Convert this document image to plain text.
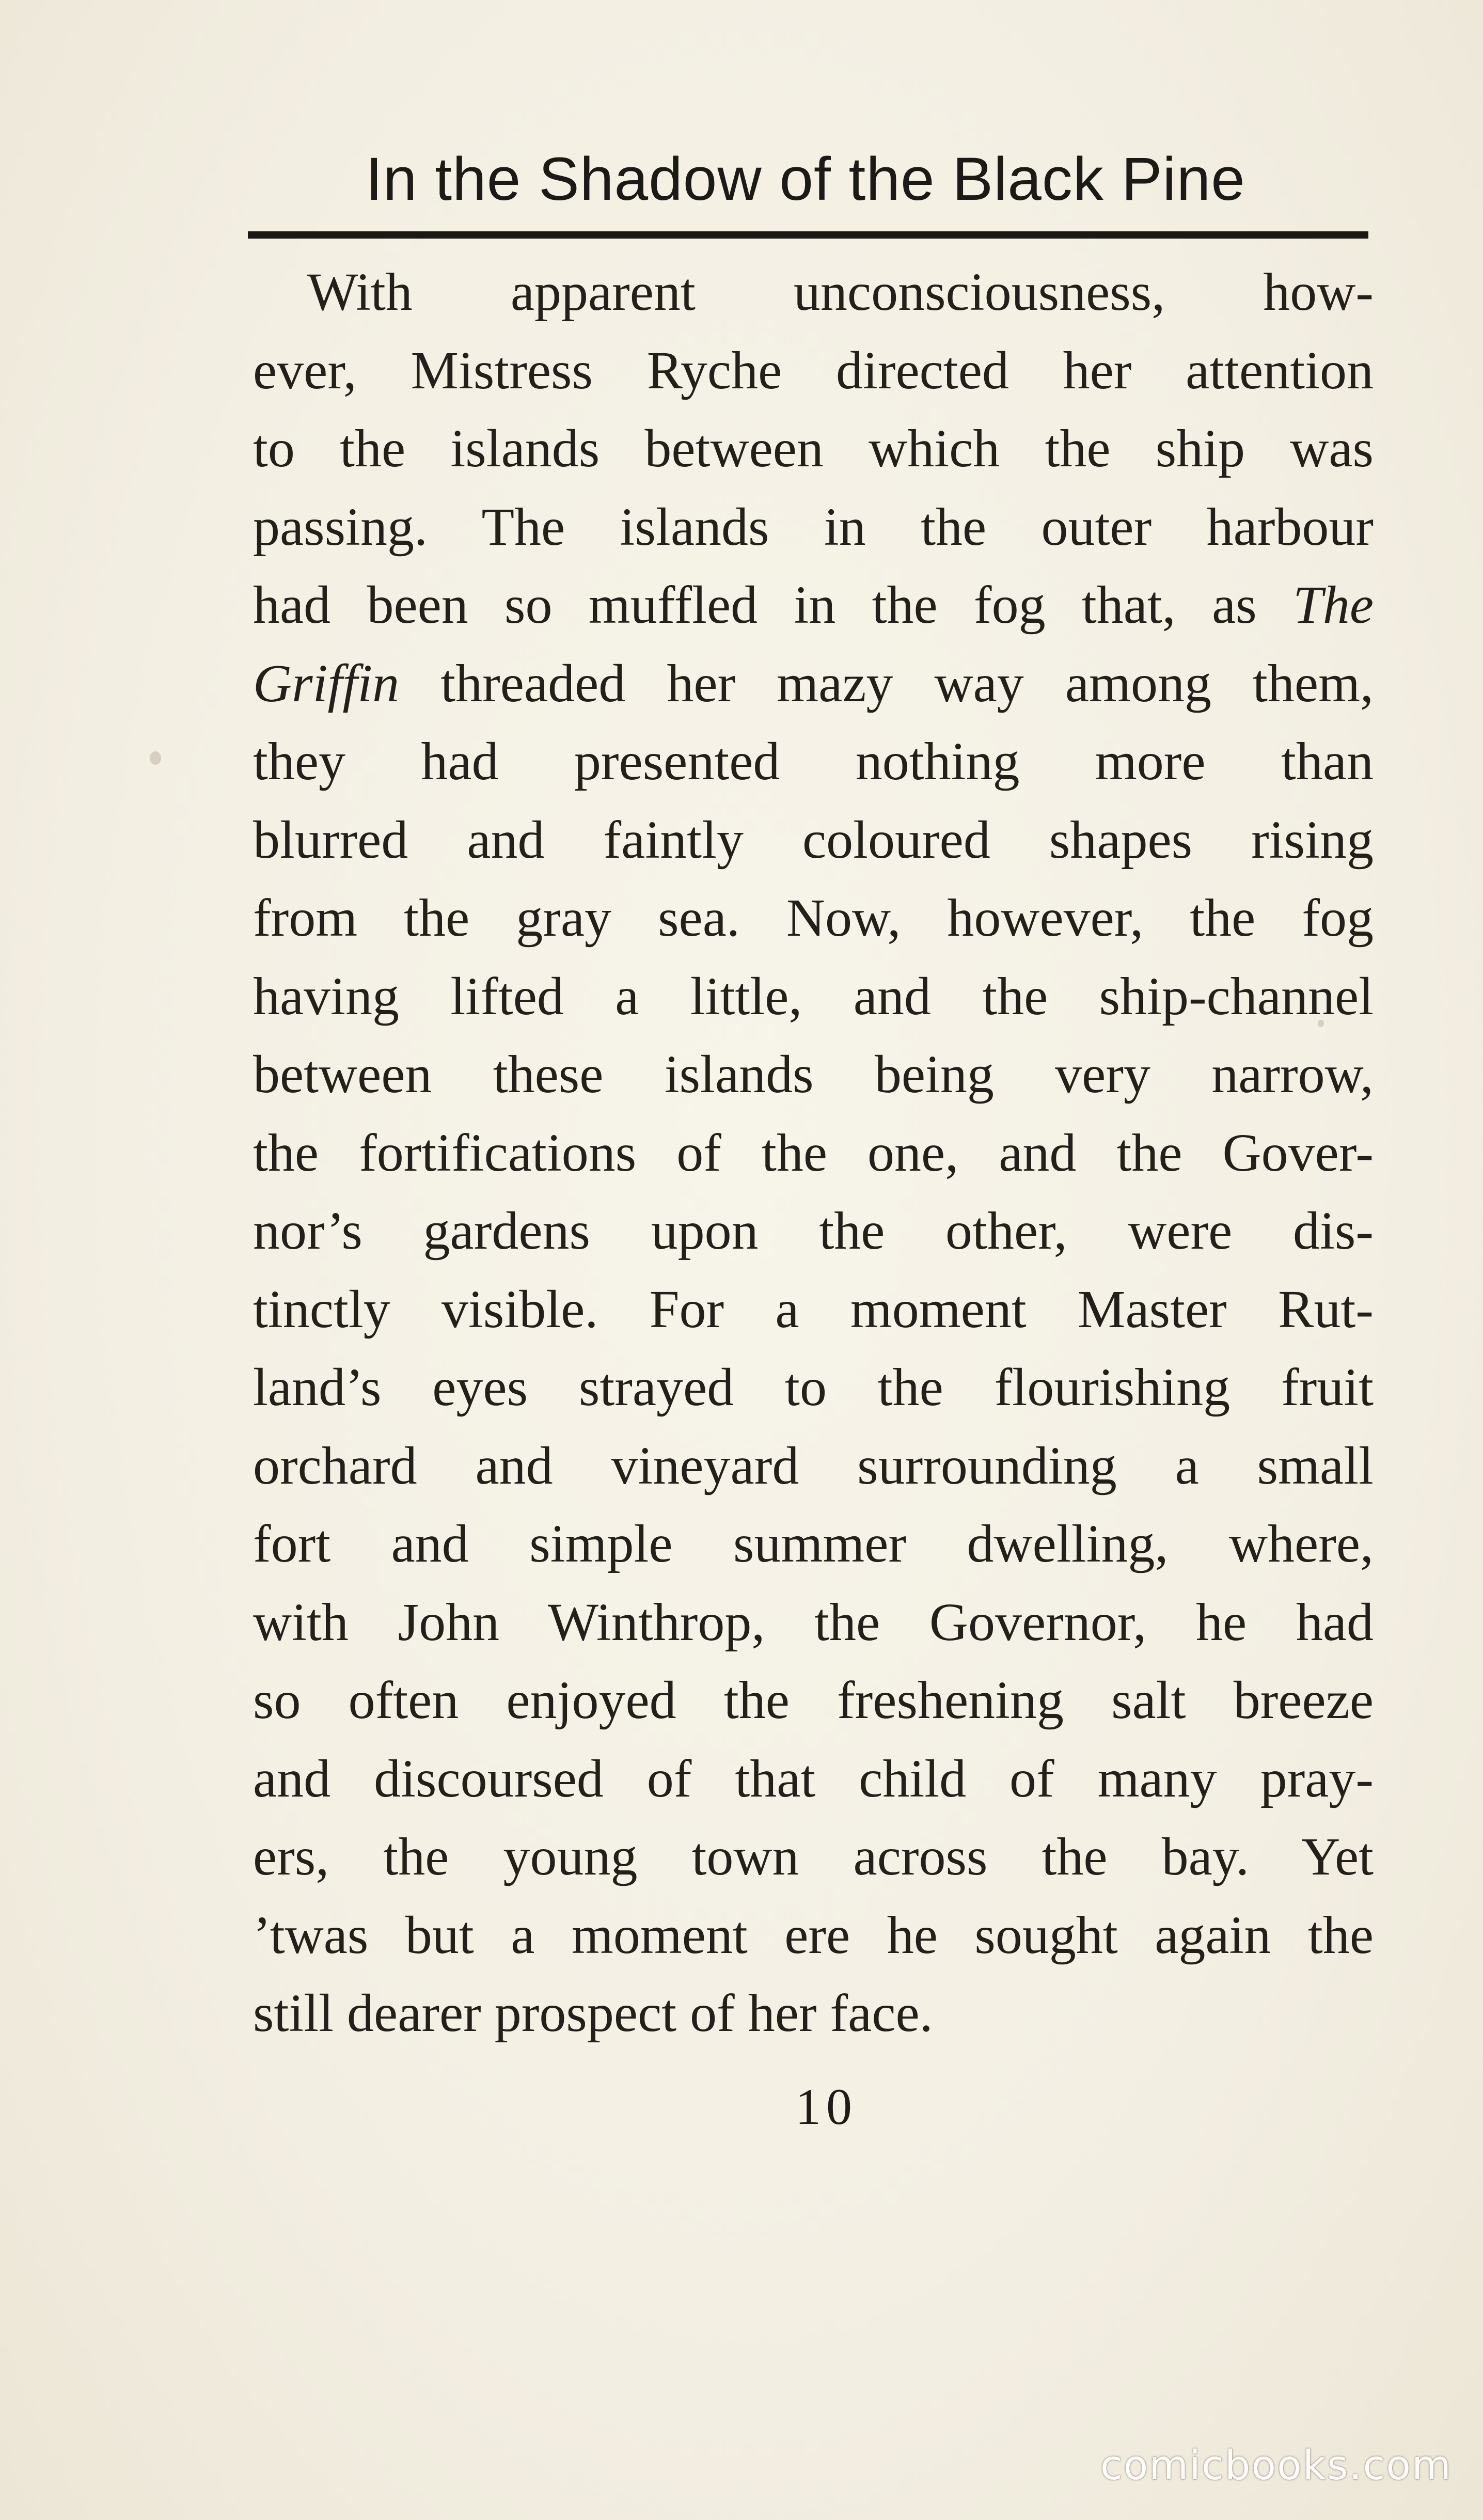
In the Shadow of the Black Pine
With apparent unconsciousness, how-
ever, Mistress Ryche directed her attention
to the islands between which the ship was
passing. The islands in the outer harbour
had been so muffled in the fog that, as The
Griffin threaded her mazy way among them,
they had presented nothing more than
blurred and faintly coloured shapes rising
from the gray sea. Now, however, the fog
having lifted a little, and the ship-channel
between these islands being very narrow,
the fortifications of the one, and the Gover-
nor’s gardens upon the other, were dis-
tinctly visible. For a moment Master Rut-
land’s eyes strayed to the flourishing fruit
orchard and vineyard surrounding a small
fort and simple summer dwelling, where,
with John Winthrop, the Governor, he had
so often enjoyed the freshening salt breeze
and discoursed of that child of many pray-
ers, the young town across the bay. Yet
’twas but a moment ere he sought again the
still dearer prospect of her face.
10
comicbooks.com
